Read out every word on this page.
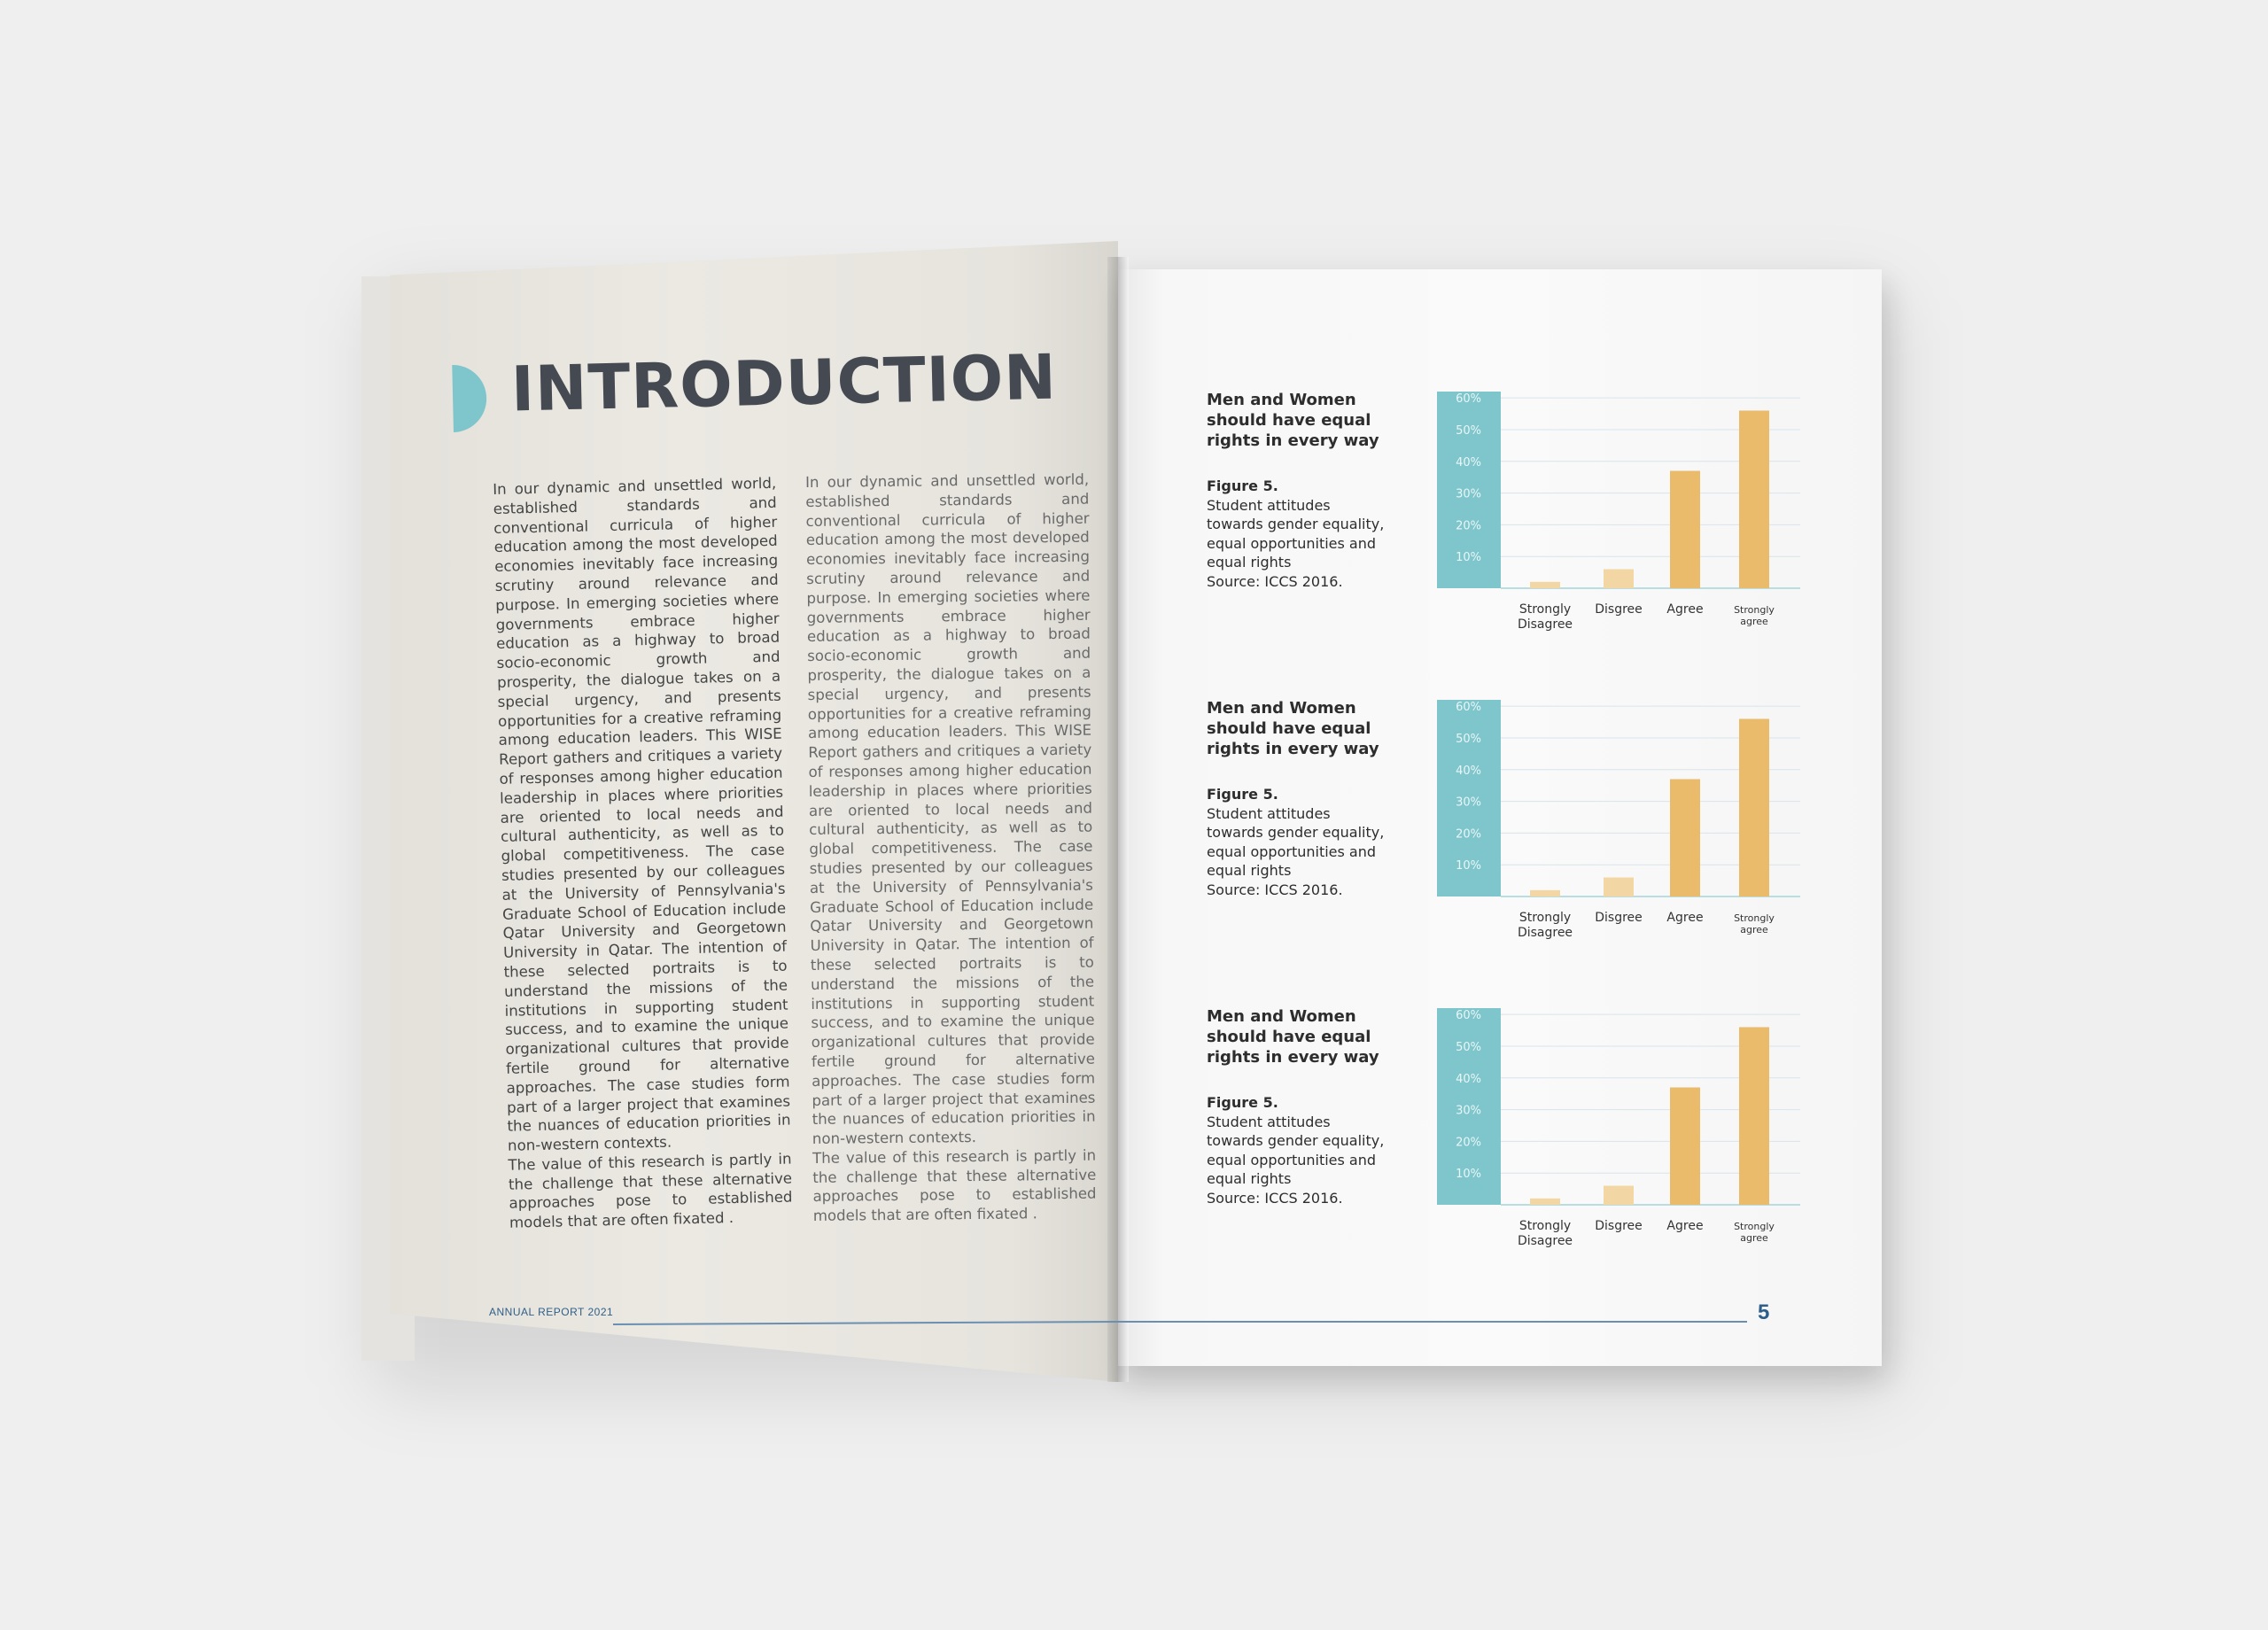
INTRODUCTION

In our dynamic and unsettled world, established standards and conventional curricula of higher education among the most developed economies inevitably face increasing scrutiny around relevance and purpose. In emerging societies where governments embrace higher education as a highway to broad socio-economic growth and prosperity, the dialogue takes on a special urgency, and presents opportunities for a creative reframing among education leaders. This WISE Report gathers and critiques a variety of responses among higher education leadership in places where priorities are oriented to local needs and cultural authenticity, as well as to global competitiveness. The case studies presented by our colleagues at the University of Pennsylvania's Graduate School of Education include Qatar University and Georgetown University in Qatar. The intention of these selected portraits is to understand the missions of the institutions in supporting student success, and to examine the unique organizational cultures that provide fertile ground for alternative approaches. The case studies form part of a larger project that examines the nuances of education priorities in non-western contexts.

The value of this research is partly in the challenge that these alternative approaches pose to established models that are often fixated .

In our dynamic and unsettled world, established standards and conventional curricula of higher education among the most developed economies inevitably face increasing scrutiny around relevance and purpose. In emerging societies where governments embrace higher education as a highway to broad socio-economic growth and prosperity, the dialogue takes on a special urgency, and presents opportunities for a creative reframing among education leaders. This WISE Report gathers and critiques a variety of responses among higher education leadership in places where priorities are oriented to local needs and cultural authenticity, as well as to global competitiveness. The case studies presented by our colleagues at the University of Pennsylvania's Graduate School of Education include Qatar University and Georgetown University in Qatar. The intention of these selected portraits is to understand the missions of the institutions in supporting student success, and to examine the unique organizational cultures that provide fertile ground for alternative approaches. The case studies form part of a larger project that examines the nuances of education priorities in non-western contexts.

The value of this research is partly in the challenge that these alternative approaches pose to established models that are often fixated .

ANNUAL REPORT 2021	5
Men and Women should have equal rights in every way
Figure 5.
Student attitudes
towards gender equality,
equal opportunities and
equal rights
Source: ICCS 2016.
10%
20%
30%
40%
50%
60%
Strongly
Disagree
Disgree Agree	Strongly
agree
Men and Women should have equal rights in every way
Figure 5.
Student attitudes
towards gender equality,
equal opportunities and
equal rights
Source: ICCS 2016.
10%
20%
30%
40%
50%
60%
Strongly
Disagree
Disgree Agree	Strongly
agree
Men and Women should have equal rights in every way
Figure 5.
Student attitudes
towards gender equality,
equal opportunities and
equal rights
Source: ICCS 2016.
10%
20%
30%
40%
50%
60%
Strongly
Disagree
Disgree Agree	Strongly
agree
